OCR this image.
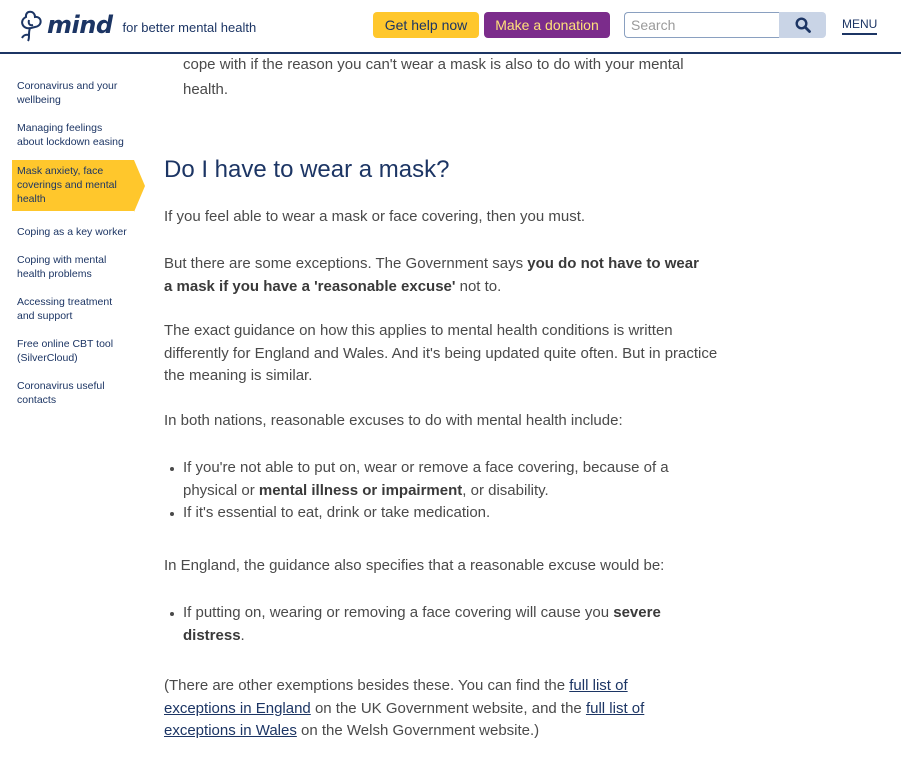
mind for better mental health	Get help now	Make a donation
Search	MENU
Coronavirus and your wellbeing
Managing feelings about lockdown easing
Mask anxiety, face coverings and mental health
Coping as a key worker
Coping with mental health problems
Accessing treatment and support
Free online CBT tool (SilverCloud)
Coronavirus useful contacts

cope with if the reason you can't wear a mask is also to do with your mental health.

Do I have to wear a mask?

If you feel able to wear a mask or face covering, then you must.

But there are some exceptions. The Government says you do not have to wear a mask if you have a 'reasonable excuse' not to.

The exact guidance on how this applies to mental health conditions is written differently for England and Wales. And it's being updated quite often. But in practice the meaning is similar.

In both nations, reasonable excuses to do with mental health include:

If you're not able to put on, wear or remove a face covering, because of a physical or mental illness or impairment, or disability.
If it's essential to eat, drink or take medication.

In England, the guidance also specifies that a reasonable excuse would be:

If putting on, wearing or removing a face covering will cause you severe distress.

(There are other exemptions besides these. You can find the full list of exceptions in England on the UK Government website, and the full list of exceptions in Wales on the Welsh Government website.)
